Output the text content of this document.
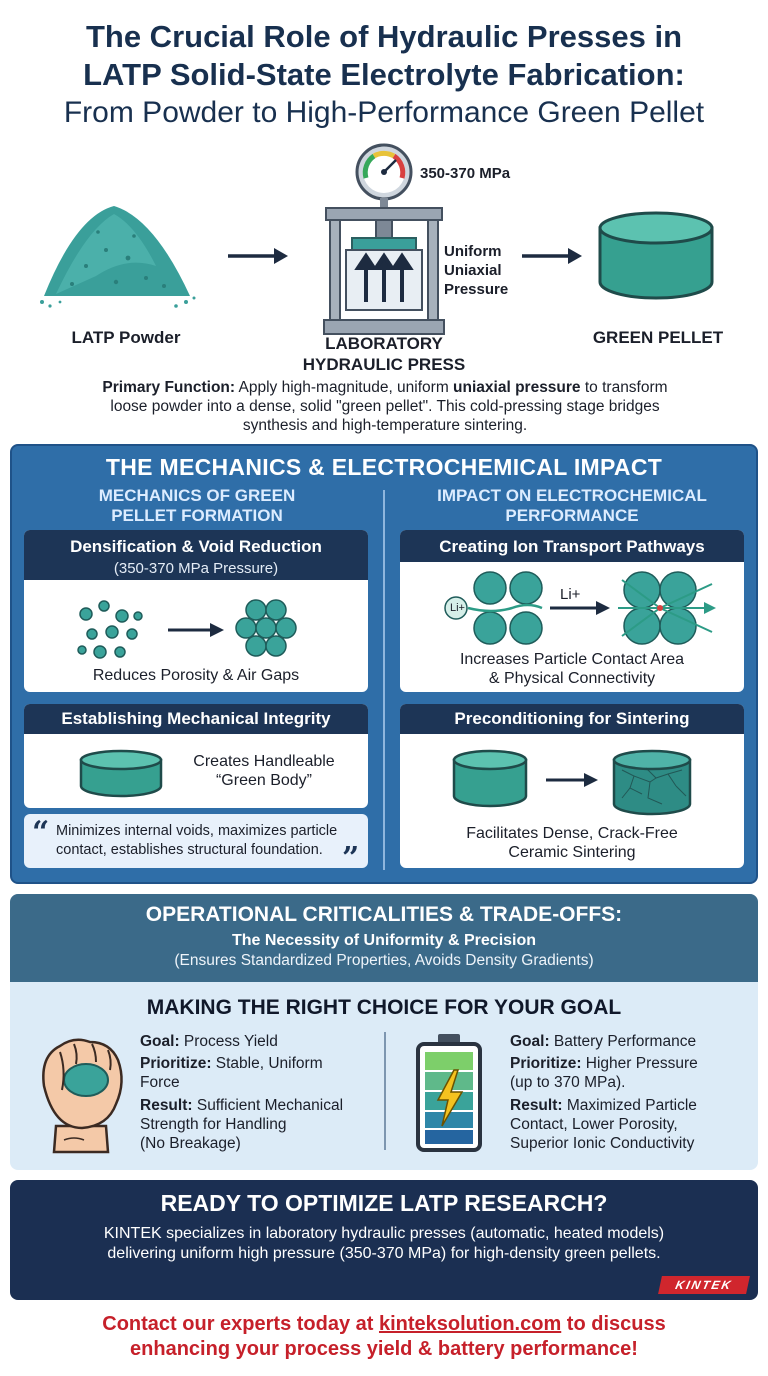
The Crucial Role of Hydraulic Presses in
LATP Solid-State Electrolyte Fabrication:
From Powder to High-Performance Green Pellet
LATP Powder
350-370 MPa
Uniform
Uniaxial
Pressure
LABORATORY
HYDRAULIC PRESS
GREEN PELLET
Primary Function: Apply high-magnitude, uniform uniaxial pressure to transform
loose powder into a dense, solid "green pellet". This cold-pressing stage bridges
synthesis and high-temperature sintering.
THE MECHANICS & ELECTROCHEMICAL IMPACT
MECHANICS OF GREEN
PELLET FORMATION
IMPACT ON ELECTROCHEMICAL
PERFORMANCE
Densification & Void Reduction
(350-370 MPa Pressure)
Reduces Porosity & Air Gaps
Establishing Mechanical Integrity
Creates Handleable
“Green Body”
“ Minimizes internal voids, maximizes particle
contact, establishes structural foundation. ”
Creating Ion Transport Pathways
Li+
Li+
Increases Particle Contact Area
& Physical Connectivity
Preconditioning for Sintering
Facilitates Dense, Crack-Free
Ceramic Sintering
OPERATIONAL CRITICALITIES & TRADE-OFFS:
The Necessity of Uniformity & Precision
(Ensures Standardized Properties, Avoids Density Gradients)
MAKING THE RIGHT CHOICE FOR YOUR GOAL
Goal: Process Yield
Prioritize: Stable, Uniform
Force
Result: Sufficient Mechanical
Strength for Handling
(No Breakage)
Goal: Battery Performance
Prioritize: Higher Pressure
(up to 370 MPa).
Result: Maximized Particle
Contact, Lower Porosity,
Superior Ionic Conductivity
READY TO OPTIMIZE LATP RESEARCH?
KINTEK specializes in laboratory hydraulic presses (automatic, heated models)
delivering uniform high pressure (350-370 MPa) for high-density green pellets.
KINTEK
Contact our experts today at kinteksolution.com to discuss
enhancing your process yield & battery performance!
